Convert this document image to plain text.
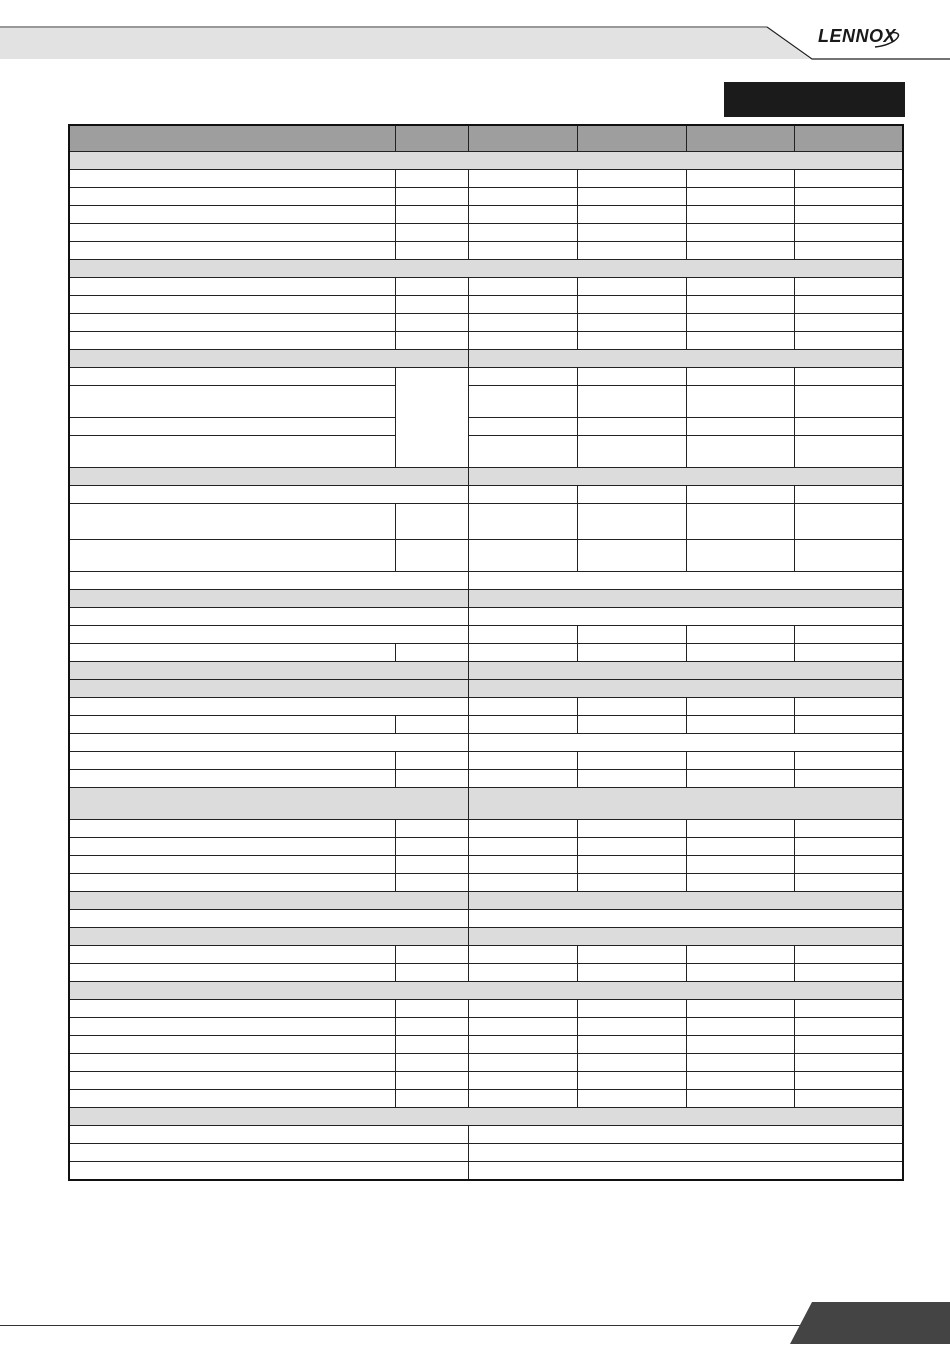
LENNOX
